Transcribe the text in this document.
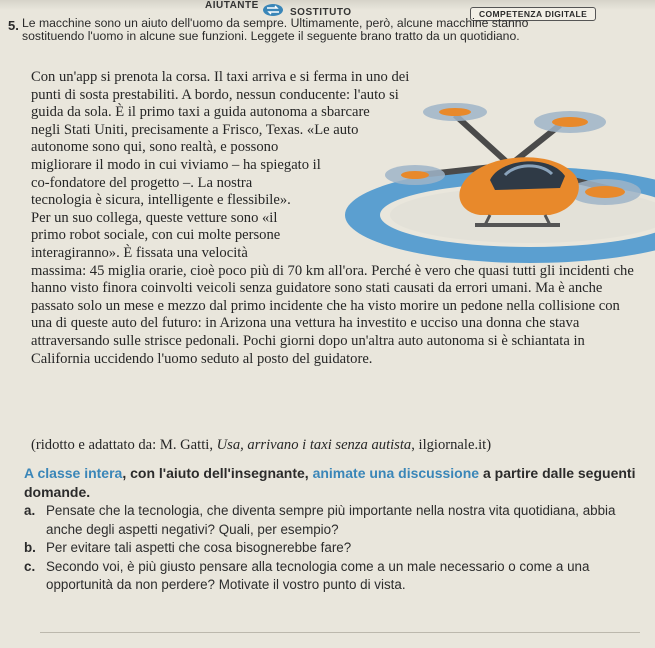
AIUTANTE
SOSTITUTO	COMPETENZA DIGITALE
5. Le macchine sono un aiuto dell'uomo da sempre. Ultimamente, però, alcune macchine stanno sostituendo l'uomo in alcune sue funzioni. Leggete il seguente brano tratto da un quotidiano.
Con un'app si prenota la corsa. Il taxi arriva e si ferma in uno dei punti di sosta prestabiliti. A bordo, nessun conducente: l'auto si guida da sola. È il primo taxi a guida autonoma a sbarcare negli Stati Uniti, precisamente a Frisco, Texas. «Le auto autonome sono qui, sono realtà, e possono migliorare il modo in cui viviamo – ha spiegato il co-fondatore del progetto –. La nostra tecnologia è sicura, intelligente e flessibile». Per un suo collega, queste vetture sono «il primo robot sociale, con cui molte persone interagiranno». È fissata una velocità massima: 45 miglia orarie, cioè poco più di 70 km all'ora. Perché è vero che quasi tutti gli incidenti che hanno visto finora coinvolti veicoli senza guidatore sono stati causati da errori umani. Ma è anche passato solo un mese e mezzo dal primo incidente che ha visto morire un pedone nella collisione con una di queste auto del futuro: in Arizona una vettura ha investito e ucciso una donna che stava attraversando sulle strisce pedonali. Pochi giorni dopo un'altra auto autonoma si è schiantata in California uccidendo l'uomo seduto al posto del guidatore.
(ridotto e adattato da: M. Gatti, Usa, arrivano i taxi senza autista, ilgiornale.it)
A classe intera, con l'aiuto dell'insegnante, animate una discussione a partire dalle seguenti domande.
a. Pensate che la tecnologia, che diventa sempre più importante nella nostra vita quotidiana, abbia anche degli aspetti negativi? Quali, per esempio?
b. Per evitare tali aspetti che cosa bisognerebbe fare?
c. Secondo voi, è più giusto pensare alla tecnologia come a un male necessario o come a una opportunità da non perdere? Motivate il vostro punto di vista.
